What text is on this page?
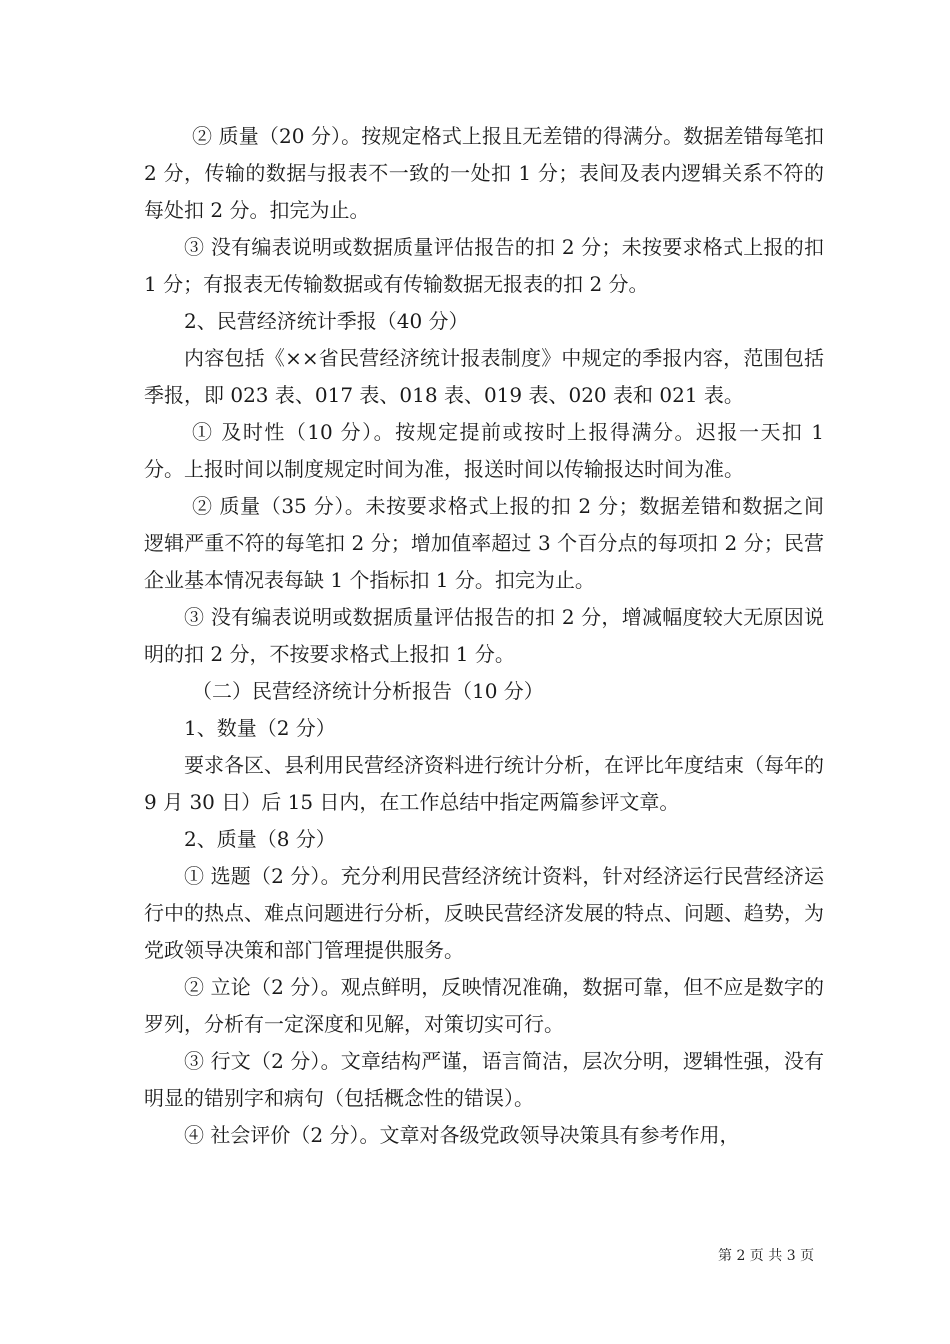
② 质量（20 分）。按规定格式上报且无差错的得满分。数据差错每笔扣 2 分，传输的数据与报表不一致的一处扣 1 分；表间及表内逻辑关系不符的每处扣 2 分。扣完为止。

③ 没有编表说明或数据质量评估报告的扣 2 分；未按要求格式上报的扣 1 分；有报表无传输数据或有传输数据无报表的扣 2 分。

2、民营经济统计季报（40 分）

内容包括《××省民营经济统计报表制度》中规定的季报内容，范围包括季报，即 023 表、017 表、018 表、019 表、020 表和 021 表。

① 及时性（10 分）。按规定提前或按时上报得满分。迟报一天扣 1 分。上报时间以制度规定时间为准，报送时间以传输报达时间为准。

② 质量（35 分）。未按要求格式上报的扣 2 分；数据差错和数据之间逻辑严重不符的每笔扣 2 分；增加值率超过 3 个百分点的每项扣 2 分；民营企业基本情况表每缺 1 个指标扣 1 分。扣完为止。

③ 没有编表说明或数据质量评估报告的扣 2 分，增减幅度较大无原因说明的扣 2 分，不按要求格式上报扣 1 分。

（二）民营经济统计分析报告（10 分）

1、数量（2 分）

要求各区、县利用民营经济资料进行统计分析，在评比年度结束（每年的 9 月 30 日）后 15 日内，在工作总结中指定两篇参评文章。

2、质量（8 分）

① 选题（2 分）。充分利用民营经济统计资料，针对经济运行民营经济运行中的热点、难点问题进行分析，反映民营经济发展的特点、问题、趋势，为党政领导决策和部门管理提供服务。

② 立论（2 分）。观点鲜明，反映情况准确，数据可靠，但不应是数字的罗列，分析有一定深度和见解，对策切实可行。

③ 行文（2 分）。文章结构严谨，语言简洁，层次分明，逻辑性强，没有明显的错别字和病句（包括概念性的错误）。

④ 社会评价（2 分）。文章对各级党政领导决策具有参考作用，

第 2 页 共 3 页
